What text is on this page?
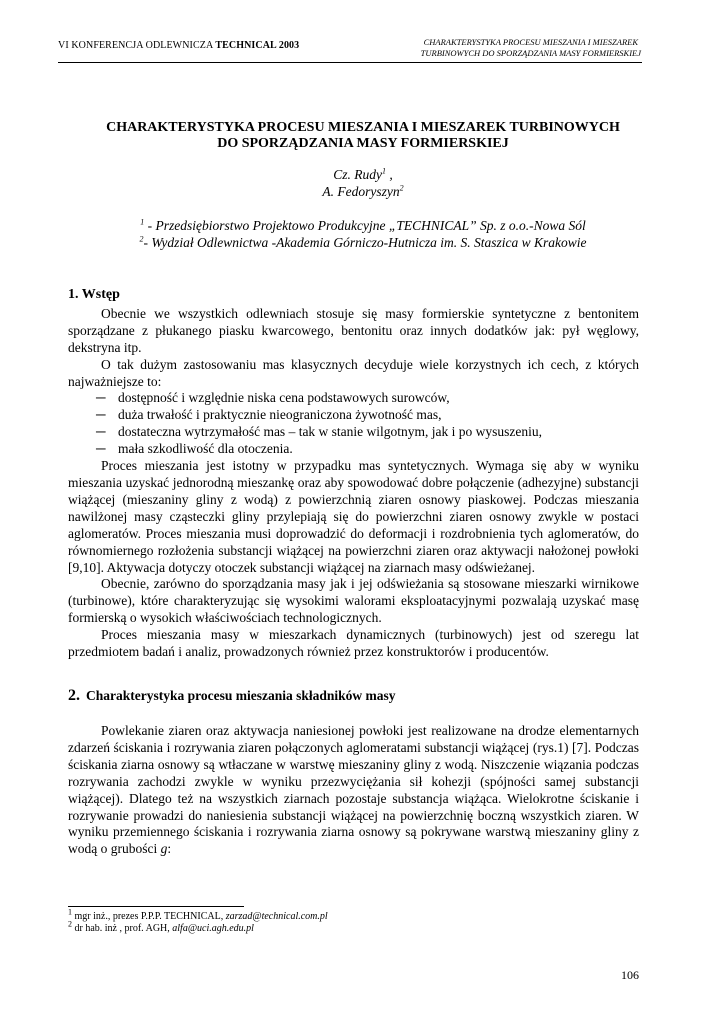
VI KONFERENCJA ODLEWNICZA TECHNICAL 2003	CHARAKTERYSTYKA PROCESU MIESZANIA I MIESZAREK
TURBINOWYCH DO SPORZĄDZANIA MASY FORMIERSKIEJ
CHARAKTERYSTYKA PROCESU MIESZANIA I MIESZAREK TURBINOWYCH
DO SPORZĄDZANIA MASY FORMIERSKIEJ
Cz. Rudy$^1$ ,
A. Fedoryszyn$^2$
$^1$ - Przedsiębiorstwo Projektowo Produkcyjne „TECHNICAL” Sp. z o.o.-Nowa Sól
$^2$- Wydział Odlewnictwa -Akademia Górniczo-Hutnicza im. S. Staszica w Krakowie

1. Wstęp

Obecnie we wszystkich odlewniach stosuje się masy formierskie syntetyczne z bentonitem sporządzane z płukanego piasku kwarcowego, bentonitu oraz innych dodatków jak: pył węglowy, dekstryna itp.

O tak dużym zastosowaniu mas klasycznych decyduje wiele korzystnych ich cech, z których najważniejsze to:

─ dostępność i względnie niska cena podstawowych surowców,
─ duża trwałość i praktycznie nieograniczona żywotność mas,
─ dostateczna wytrzymałość mas – tak w stanie wilgotnym, jak i po wysuszeniu,
─ mała szkodliwość dla otoczenia.

Proces mieszania jest istotny w przypadku mas syntetycznych. Wymaga się aby w wyniku mieszania uzyskać jednorodną mieszankę oraz aby spowodować dobre połączenie (adhezyjne) substancji wiążącej (mieszaniny gliny z wodą) z powierzchnią ziaren osnowy piaskowej. Podczas mieszania nawilżonej masy cząsteczki gliny przylepiają się do powierzchni ziaren osnowy zwykle w postaci aglomeratów. Proces mieszania musi doprowadzić do deformacji i rozdrobnienia tych aglomeratów, do równomiernego rozłożenia substancji wiążącej na powierzchni ziaren oraz aktywacji nałożonej powłoki [9,10]. Aktywacja dotyczy otoczek substancji wiążącej na ziarnach masy odświeżanej.

Obecnie, zarówno do sporządzania masy jak i jej odświeżania są stosowane mieszarki wirnikowe (turbinowe), które charakteryzując się wysokimi walorami eksploatacyjnymi pozwalają uzyskać masę formierską o wysokich właściwościach technologicznych.

Proces mieszania masy w mieszarkach dynamicznych (turbinowych) jest od szeregu lat przedmiotem badań i analiz, prowadzonych również przez konstruktorów i producentów.

2. Charakterystyka procesu mieszania składników masy

Powlekanie ziaren oraz aktywacja naniesionej powłoki jest realizowane na drodze elementarnych zdarzeń ściskania i rozrywania ziaren połączonych aglomeratami substancji wiążącej (rys.1) [7]. Podczas ściskania ziarna osnowy są wtłaczane w warstwę mieszaniny gliny z wodą. Niszczenie wiązania podczas rozrywania zachodzi zwykle w wyniku przezwyciężania sił kohezji (spójności samej substancji wiążącej). Dlatego też na wszystkich ziarnach pozostaje substancja wiążąca. Wielokrotne ściskanie i rozrywanie prowadzi do naniesienia substancji wiążącej na powierzchnię boczną wszystkich ziaren. W wyniku przemiennego ściskania i rozrywania ziarna osnowy są pokrywane warstwą mieszaniny gliny z wodą o grubości g:

$^1$ mgr inż., prezes P.P.P. TECHNICAL, zarzad@technical.com.pl
$^2$ dr hab. inż , prof. AGH, alfa@uci.agh.edu.pl
106
